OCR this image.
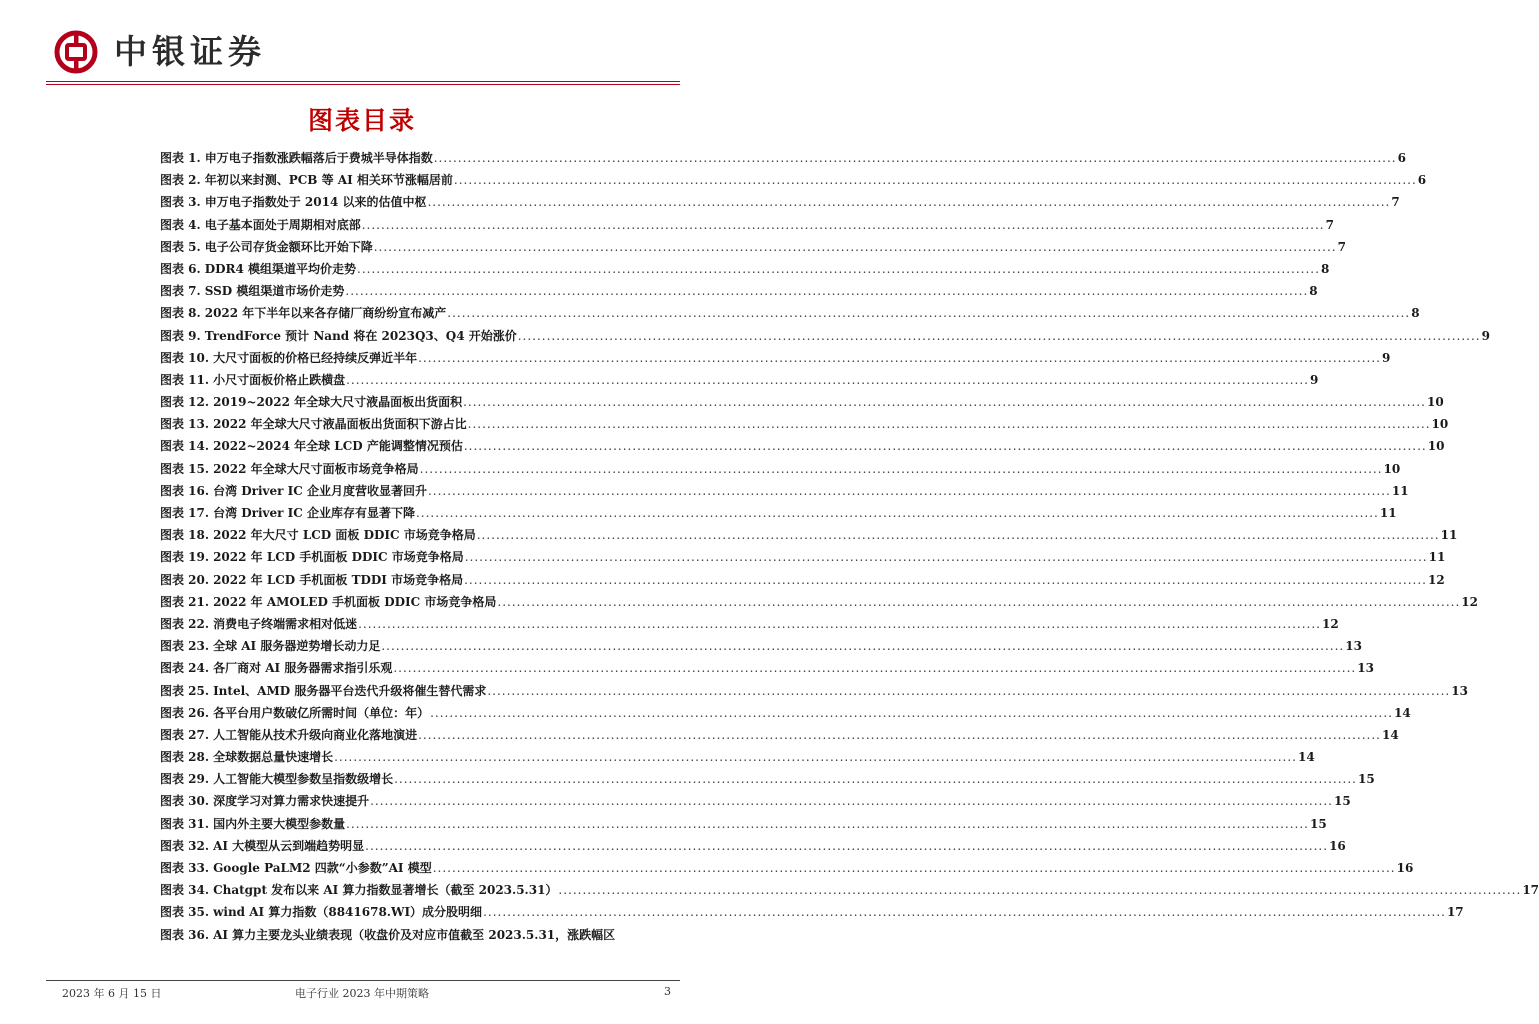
中银证券
图表目录
图表 1. 申万电子指数涨跌幅落后于费城半导体指数 ........................................................................................................................................................................................................ 6
图表 2. 年初以来封测、PCB 等 AI 相关环节涨幅居前 ........................................................................................................................................................................................................ 6
图表 3. 申万电子指数处于 2014 以来的估值中枢 ........................................................................................................................................................................................................ 7
图表 4. 电子基本面处于周期相对底部 ........................................................................................................................................................................................................ 7
图表 5. 电子公司存货金额环比开始下降 ........................................................................................................................................................................................................ 7
图表 6. DDR4 模组渠道平均价走势 ........................................................................................................................................................................................................ 8
图表 7. SSD 模组渠道市场价走势 ........................................................................................................................................................................................................ 8
图表 8. 2022 年下半年以来各存储厂商纷纷宣布减产 ........................................................................................................................................................................................................ 8
图表 9. TrendForce 预计 Nand 将在 2023Q3、Q4 开始涨价 ........................................................................................................................................................................................................ 9
图表 10. 大尺寸面板的价格已经持续反弹近半年 ........................................................................................................................................................................................................ 9
图表 11. 小尺寸面板价格止跌横盘 ........................................................................................................................................................................................................ 9
图表 12. 2019~2022 年全球大尺寸液晶面板出货面积 ........................................................................................................................................................................................................ 10
图表 13. 2022 年全球大尺寸液晶面板出货面积下游占比 ........................................................................................................................................................................................................ 10
图表 14. 2022~2024 年全球 LCD 产能调整情况预估 ........................................................................................................................................................................................................ 10
图表 15. 2022 年全球大尺寸面板市场竞争格局 ........................................................................................................................................................................................................ 10
图表 16. 台湾 Driver IC 企业月度营收显著回升 ........................................................................................................................................................................................................ 11
图表 17. 台湾 Driver IC 企业库存有显著下降 ........................................................................................................................................................................................................ 11
图表 18. 2022 年大尺寸 LCD 面板 DDIC 市场竞争格局 ........................................................................................................................................................................................................ 11
图表 19. 2022 年 LCD 手机面板 DDIC 市场竞争格局 ........................................................................................................................................................................................................ 11
图表 20. 2022 年 LCD 手机面板 TDDI 市场竞争格局 ........................................................................................................................................................................................................ 12
图表 21. 2022 年 AMOLED 手机面板 DDIC 市场竞争格局 ........................................................................................................................................................................................................ 12
图表 22. 消费电子终端需求相对低迷 ........................................................................................................................................................................................................ 12
图表 23. 全球 AI 服务器逆势增长动力足 ........................................................................................................................................................................................................ 13
图表 24. 各厂商对 AI 服务器需求指引乐观 ........................................................................................................................................................................................................ 13
图表 25. Intel、AMD 服务器平台迭代升级将催生替代需求 ........................................................................................................................................................................................................ 13
图表 26. 各平台用户数破亿所需时间（单位：年） ........................................................................................................................................................................................................ 14
图表 27. 人工智能从技术升级向商业化落地演进 ........................................................................................................................................................................................................ 14
图表 28. 全球数据总量快速增长 ........................................................................................................................................................................................................ 14
图表 29. 人工智能大模型参数呈指数级增长 ........................................................................................................................................................................................................ 15
图表 30. 深度学习对算力需求快速提升 ........................................................................................................................................................................................................ 15
图表 31. 国内外主要大模型参数量 ........................................................................................................................................................................................................ 15
图表 32. AI 大模型从云到端趋势明显 ........................................................................................................................................................................................................ 16
图表 33. Google PaLM2 四款“小参数”AI 模型 ........................................................................................................................................................................................................ 16
图表 34. Chatgpt 发布以来 AI 算力指数显著增长（截至 2023.5.31） ........................................................................................................................................................................................................ 17
图表 35. wind AI 算力指数（8841678.WI）成分股明细 ........................................................................................................................................................................................................ 17
图表 36. AI 算力主要龙头业绩表现（收盘价及对应市值截至 2023.5.31，涨跌幅区
2023 年 6 月 15 日	电子行业 2023 年中期策略	3
